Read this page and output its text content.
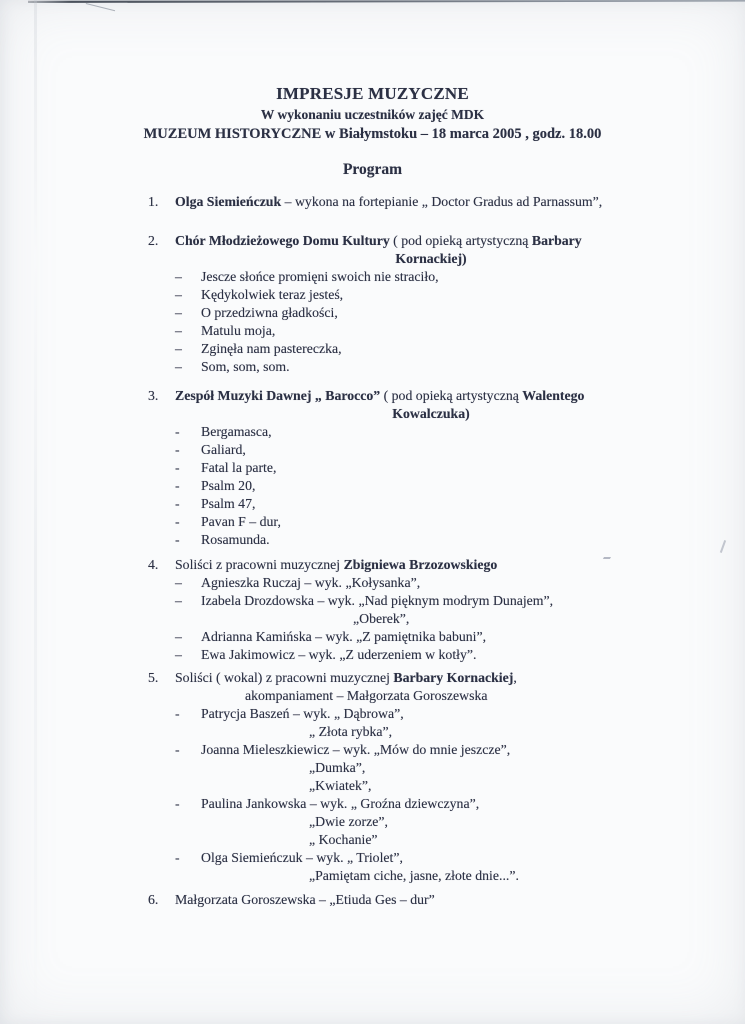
IMPRESJE MUZYCZNE
W wykonaniu uczestników zajęć MDK
MUZEUM HISTORYCZNE w Białymstoku – 18 marca 2005 , godz. 18.00
Program
1.	Olga Siemieńczuk – wykona na fortepianie „ Doctor Gradus ad Parnassum”,
2.	Chór Młodzieżowego Domu Kultury ( pod opieką artystyczną Barbary
Kornackiej)
–	Jescze słońce promięni swoich nie straciło,
–	Kędykolwiek teraz jesteś,
–	O przedziwna gładkości,
–	Matulu moja,
–	Zginęła nam pastereczka,
–	Som, som, som.
3.	Zespół Muzyki Dawnej „ Barocco” ( pod opieką artystyczną Walentego
Kowalczuka)
-	Bergamasca,
-	Galiard,
-	Fatal la parte,
-	Psalm 20,
-	Psalm 47,
-	Pavan F – dur,
-	Rosamunda.
4.	Soliści z pracowni muzycznej Zbigniewa Brzozowskiego
–	Agnieszka Ruczaj – wyk. „Kołysanka”,
–	Izabela Drozdowska – wyk. „Nad pięknym modrym Dunajem”,
„Oberek”,
–	Adrianna Kamińska – wyk. „Z pamiętnika babuni”,
–	Ewa Jakimowicz – wyk. „Z uderzeniem w kotły”.
5.	Soliści ( wokal) z pracowni muzycznej Barbary Kornackiej,
akompaniament – Małgorzata Goroszewska
-	Patrycja Baszeń – wyk. „ Dąbrowa”,
„ Złota rybka”,
-	Joanna Mieleszkiewicz – wyk. „Mów do mnie jeszcze”,
„Dumka”,
„Kwiatek”,
-	Paulina Jankowska – wyk. „ Groźna dziewczyna”,
„Dwie zorze”,
„ Kochanie”
-	Olga Siemieńczuk – wyk. „ Triolet”,
„Pamiętam ciche, jasne, złote dnie...”.
6.	Małgorzata Goroszewska – „Etiuda Ges – dur”
